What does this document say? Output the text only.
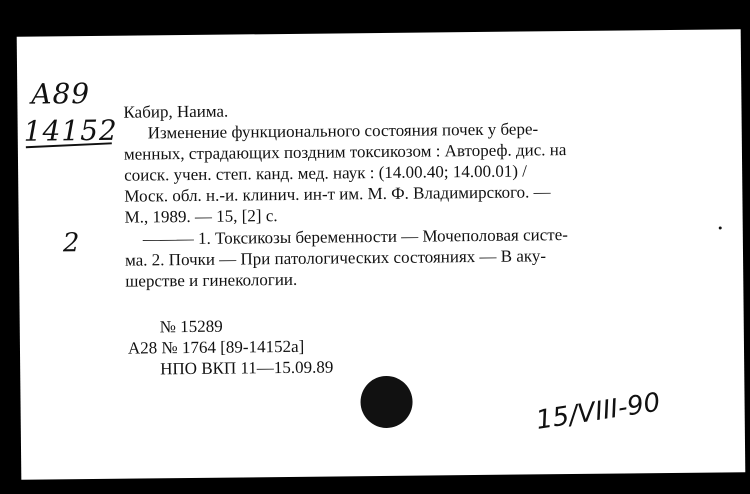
A89
14152
2
Кабир, Наима.
Изменение функционального состояния почек у бере-
менных, страдающих поздним токсикозом : Автореф. дис. на
соиск. учен. степ. канд. мед. наук : (14.00.40; 14.00.01) /
Моск. обл. н.-и. клинич. ин-т им. М. Ф. Владимирского. —
М., 1989. — 15, [2] с.
——— 1. Токсикозы беременности — Мочеполовая систе-
ма. 2. Почки — При патологических состояниях — В аку-
шерстве и гинекологии.
№ 15289
А28 № 1764 [89-14152а]
НПО ВКП 11—15.09.89
15/VIII-90
